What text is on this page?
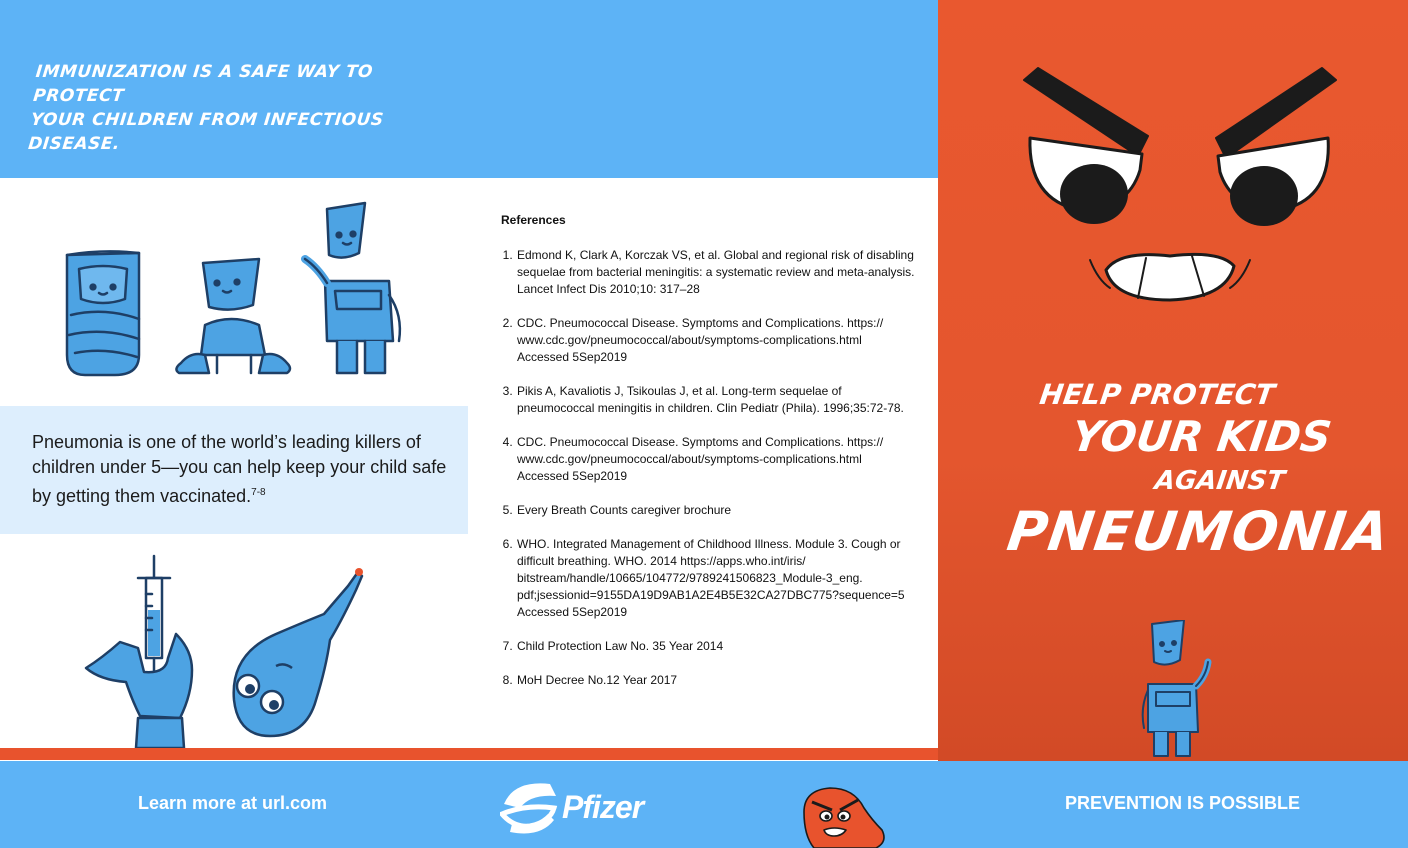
IMMUNIZATION IS A SAFE WAY TO PROTECT
YOUR CHILDREN FROM INFECTIOUS DISEASE.

Pneumonia is one of the world’s leading killers of children under 5—you can help keep your child safe by getting them vaccinated.$^{7-8}$

References

1. Edmond K, Clark A, Korczak VS, et al. Global and regional risk of disabling sequelae from bacterial meningitis: a systematic review and meta-analysis. Lancet Infect Dis 2010;10: 317–28
2. CDC. Pneumococcal Disease. Symptoms and Complications. https:// www.cdc.gov/pneumococcal/about/symptoms-complications.html Accessed 5Sep2019
3. Pikis A, Kavaliotis J, Tsikoulas J, et al. Long-term sequelae of pneumococcal meningitis in children. Clin Pediatr (Phila). 1996;35:72-78.
4. CDC. Pneumococcal Disease. Symptoms and Complications. https:// www.cdc.gov/pneumococcal/about/symptoms-complications.html Accessed 5Sep2019
5. Every Breath Counts caregiver brochure
6. WHO. Integrated Management of Childhood Illness. Module 3. Cough or difficult breathing. WHO. 2014 https://apps.who.int/iris/ bitstream/handle/10665/104772/9789241506823_Module-3_eng. pdf;jsessionid=9155DA19D9AB1A2E4B5E32CA27DBC775?sequence=5 Accessed 5Sep2019
7. Child Protection Law No. 35 Year 2014
8. MoH Decree No.12 Year 2017

HELP PROTECT

YOUR KIDS

AGAINST

PNEUMONIA

Learn more at url.com	Pfizer	PREVENTION IS POSSIBLE
